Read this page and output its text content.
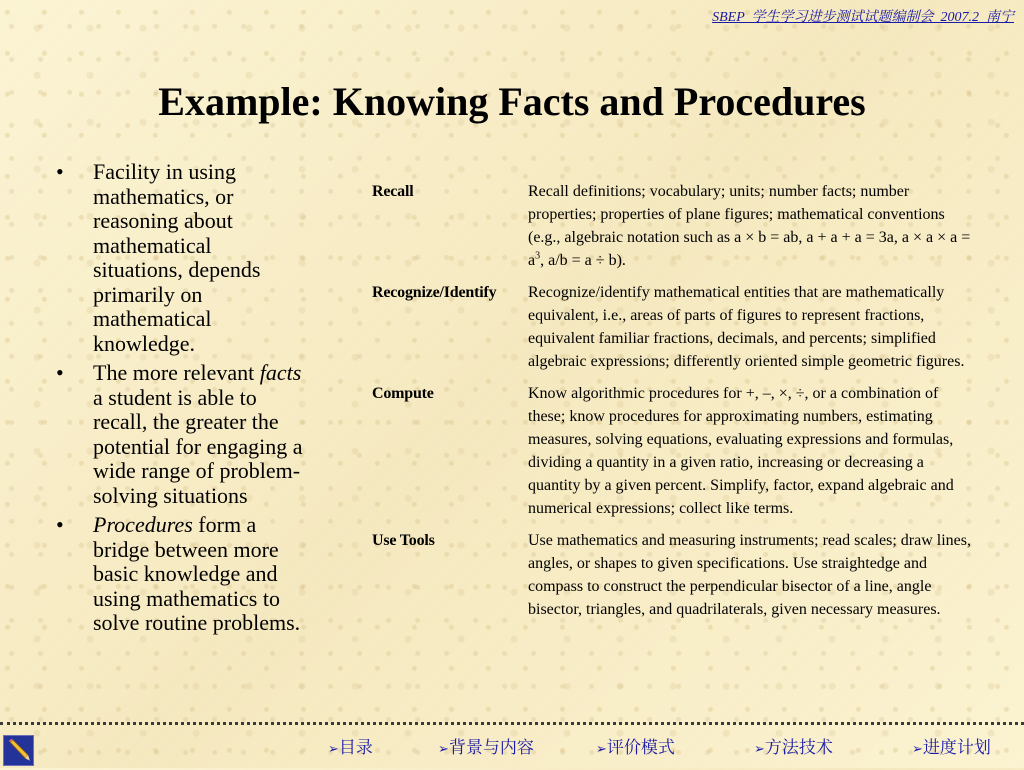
SBEP  学生学习进步测试试题编制会  2007.2  南宁
Example: Knowing Facts and Procedures
• Facility in using mathematics, or reasoning about mathematical situations, depends primarily on mathematical knowledge.
• The more relevant facts a student is able to recall, the greater the potential for engaging a wide range of problem-solving situations
• Procedures form a bridge between more basic knowledge and using mathematics to solve routine problems.
Recall	Recall definitions; vocabulary; units; number facts; number properties; properties of plane figures; mathematical conventions (e.g., algebraic notation such as a × b = ab, a + a + a = 3a, $a \times a \times a = a^3$, a/b = a ÷ b).
Recognize/Identify	Recognize/identify mathematical entities that are mathematically equivalent, i.e., areas of parts of figures to represent fractions, equivalent familiar fractions, decimals, and percents; simplified algebraic expressions; differently oriented simple geometric figures.
Compute	Know algorithmic procedures for +, –, ×, ÷, or a combination of these; know procedures for approximating numbers, estimating measures, solving equations, evaluating expressions and formulas, dividing a quantity in a given ratio, increasing or decreasing a quantity by a given percent. Simplify, factor, expand algebraic and numerical expressions; collect like terms.
Use Tools	Use mathematics and measuring instruments; read scales; draw lines, angles, or shapes to given specifications. Use straightedge and compass to construct the perpendicular bisector of a line, angle bisector, triangles, and quadrilaterals, given necessary measures.
➢目录	➢背景与内容	➢评价模式	➢方法技术	➢进度计划
